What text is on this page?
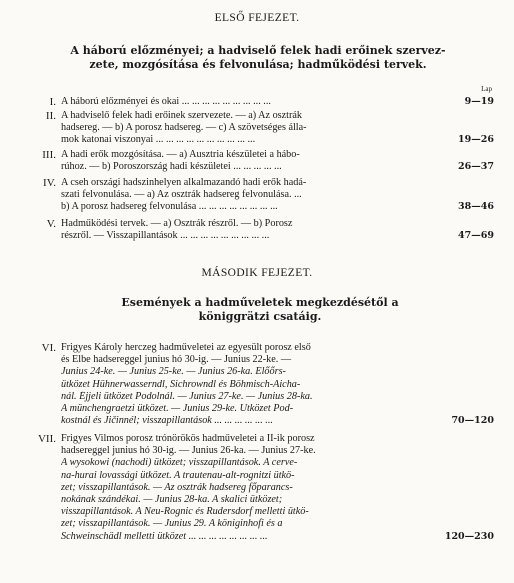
ELSŐ FEJEZET.
A háború előzményei; a hadviselő felek hadi erőinek szervez-
zete, mozgósítása és felvonulása; hadműködési tervek.
Lap
I. A háború előzményei és okai ... ... ... ... ... ... ... ... ...	9—19
II. A hadviselő felek hadi erőinek szervezete. — a) Az osztrák
hadsereg. — b) A porosz hadsereg. — c) A szövetséges álla-
mok katonai viszonyai ... ... ... ... ... ... ... ... ... ...	19—26
III. A hadi erők mozgósítása. — a) Ausztria készületei a hábo-
rúhoz. — b) Poroszország hadi készületei ... ... ... ... ...	26—37
IV. A cseh országi hadszinhelyen alkalmazandó hadi erők hadá-
szati felvonulása. — a) Az osztrák hadsereg felvonulása. ...
b) A porosz hadsereg felvonulása ... ... ... ... ... ... ... ...	38—46
V. Hadműködési tervek. — a) Osztrák részről. — b) Porosz
részről. — Visszapillantások ... ... ... ... ... ... ... ... ...	47—69
MÁSODIK FEJEZET.
Események a hadműveletek megkezdésétől a
königgrätzi csatáig.
VI. Frigyes Károly herczeg hadműveletei az egyesült porosz első
és Elbe hadsereggel junius hó 30-ig. — Junius 22-ke. —
Junius 24-ke. — Junius 25-ke. — Junius 26-ka. Előőrs-
ütközet Hühnerwasserndl, Sichrowndl és Böhmisch-Aicha-
nál. Éjjeli ütközet Podolnál. — Junius 27-ke. — Junius 28-ka.
A münchengraetzi ütközet. — Junius 29-ke. Ütközet Pod-
kostnál és Jičinnél; visszapillantások ... ... ... ... ... ...	70—120
VII. Frigyes Vilmos porosz trónörökös hadműveletei a II-ik porosz
hadsereggel junius hó 30-ig. — Junius 26-ka. — Junius 27-ke.
A wysokowi (nachodi) ütközet; visszapillantások. A cerve-
na-hurai lovassági ütközet. A trautenau-alt-rognitzi ütkö-
zet; visszapillantások. — Az osztrák hadsereg főparancs-
nokának szándékai. — Junius 28-ka. A skalici ütközet;
visszapillantások. A Neu-Rognic és Rudersdorf melletti ütkö-
zet; visszapillantások. — Junius 29. A königinhofi és a
Schweinschädl melletti ütközet ... ... ... ... ... ... ... ...	120—230
